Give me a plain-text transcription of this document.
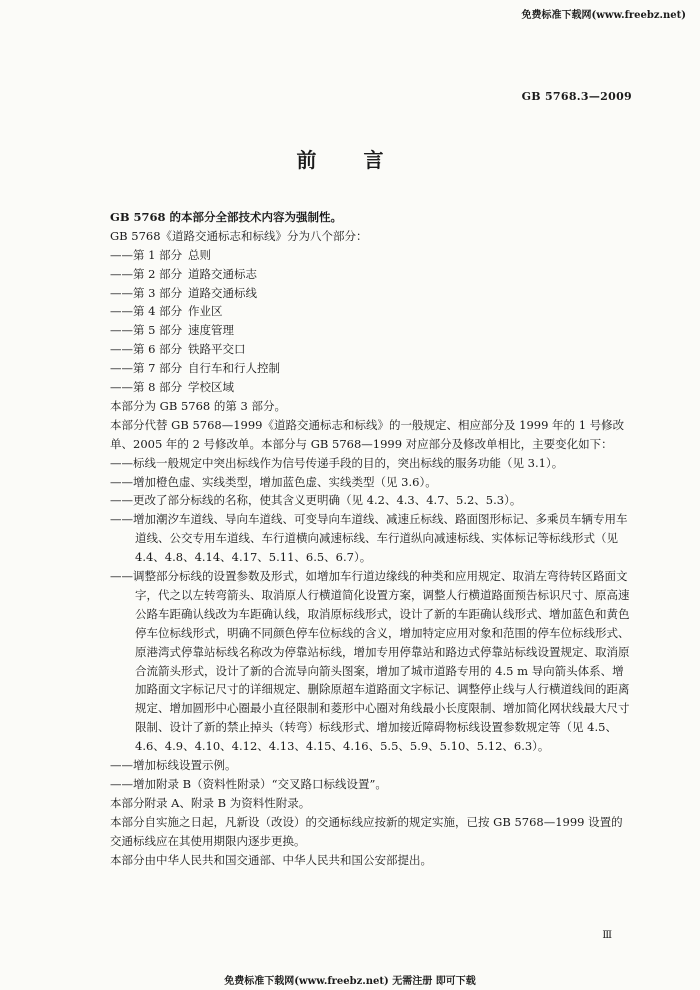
免费标准下载网(www.freebz.net)
GB 5768.3—2009
前 言
GB 5768 的本部分全部技术内容为强制性。
GB 5768《道路交通标志和标线》分为八个部分：
——第 1 部分 总则
——第 2 部分 道路交通标志
——第 3 部分 道路交通标线
——第 4 部分 作业区
——第 5 部分 速度管理
——第 6 部分 铁路平交口
——第 7 部分 自行车和行人控制
——第 8 部分 学校区域
本部分为 GB 5768 的第 3 部分。
本部分代替 GB 5768—1999《道路交通标志和标线》的一般规定、相应部分及 1999 年的 1 号修改单、2005 年的 2 号修改单。本部分与 GB 5768—1999 对应部分及修改单相比，主要变化如下：
——标线一般规定中突出标线作为信号传递手段的目的，突出标线的服务功能（见 3.1）。
——增加橙色虚、实线类型，增加蓝色虚、实线类型（见 3.6）。
——更改了部分标线的名称，使其含义更明确（见 4.2、4.3、4.7、5.2、5.3）。
——增加潮汐车道线、导向车道线、可变导向车道线、减速丘标线、路面图形标记、多乘员车辆专用车道线、公交专用车道线、车行道横向减速标线、车行道纵向减速标线、实体标记等标线形式（见 4.4、4.8、4.14、4.17、5.11、6.5、6.7）。
——调整部分标线的设置参数及形式，如增加车行道边缘线的种类和应用规定、取消左弯待转区路面文字，代之以左转弯箭头、取消原人行横道简化设置方案，调整人行横道路面预告标识尺寸、原高速公路车距确认线改为车距确认线，取消原标线形式，设计了新的车距确认线形式、增加蓝色和黄色停车位标线形式，明确不同颜色停车位标线的含义，增加特定应用对象和范围的停车位标线形式、原港湾式停靠站标线名称改为停靠站标线，增加专用停靠站和路边式停靠站标线设置规定、取消原合流箭头形式，设计了新的合流导向箭头图案，增加了城市道路专用的 4.5 m 导向箭头体系、增加路面文字标记尺寸的详细规定、删除原超车道路面文字标记、调整停止线与人行横道线间的距离规定、增加圆形中心圈最小直径限制和菱形中心圈对角线最小长度限制、增加简化网状线最大尺寸限制、设计了新的禁止掉头（转弯）标线形式、增加接近障碍物标线设置参数规定等（见 4.5、4.6、4.9、4.10、4.12、4.13、4.15、4.16、5.5、5.9、5.10、5.12、6.3）。
——增加标线设置示例。
——增加附录 B（资料性附录）“交叉路口标线设置”。
本部分附录 A、附录 B 为资料性附录。
本部分自实施之日起，凡新设（改设）的交通标线应按新的规定实施，已按 GB 5768—1999 设置的交通标线应在其使用期限内逐步更换。
本部分由中华人民共和国交通部、中华人民共和国公安部提出。
Ⅲ
免费标准下载网(www.freebz.net) 无需注册 即可下载
